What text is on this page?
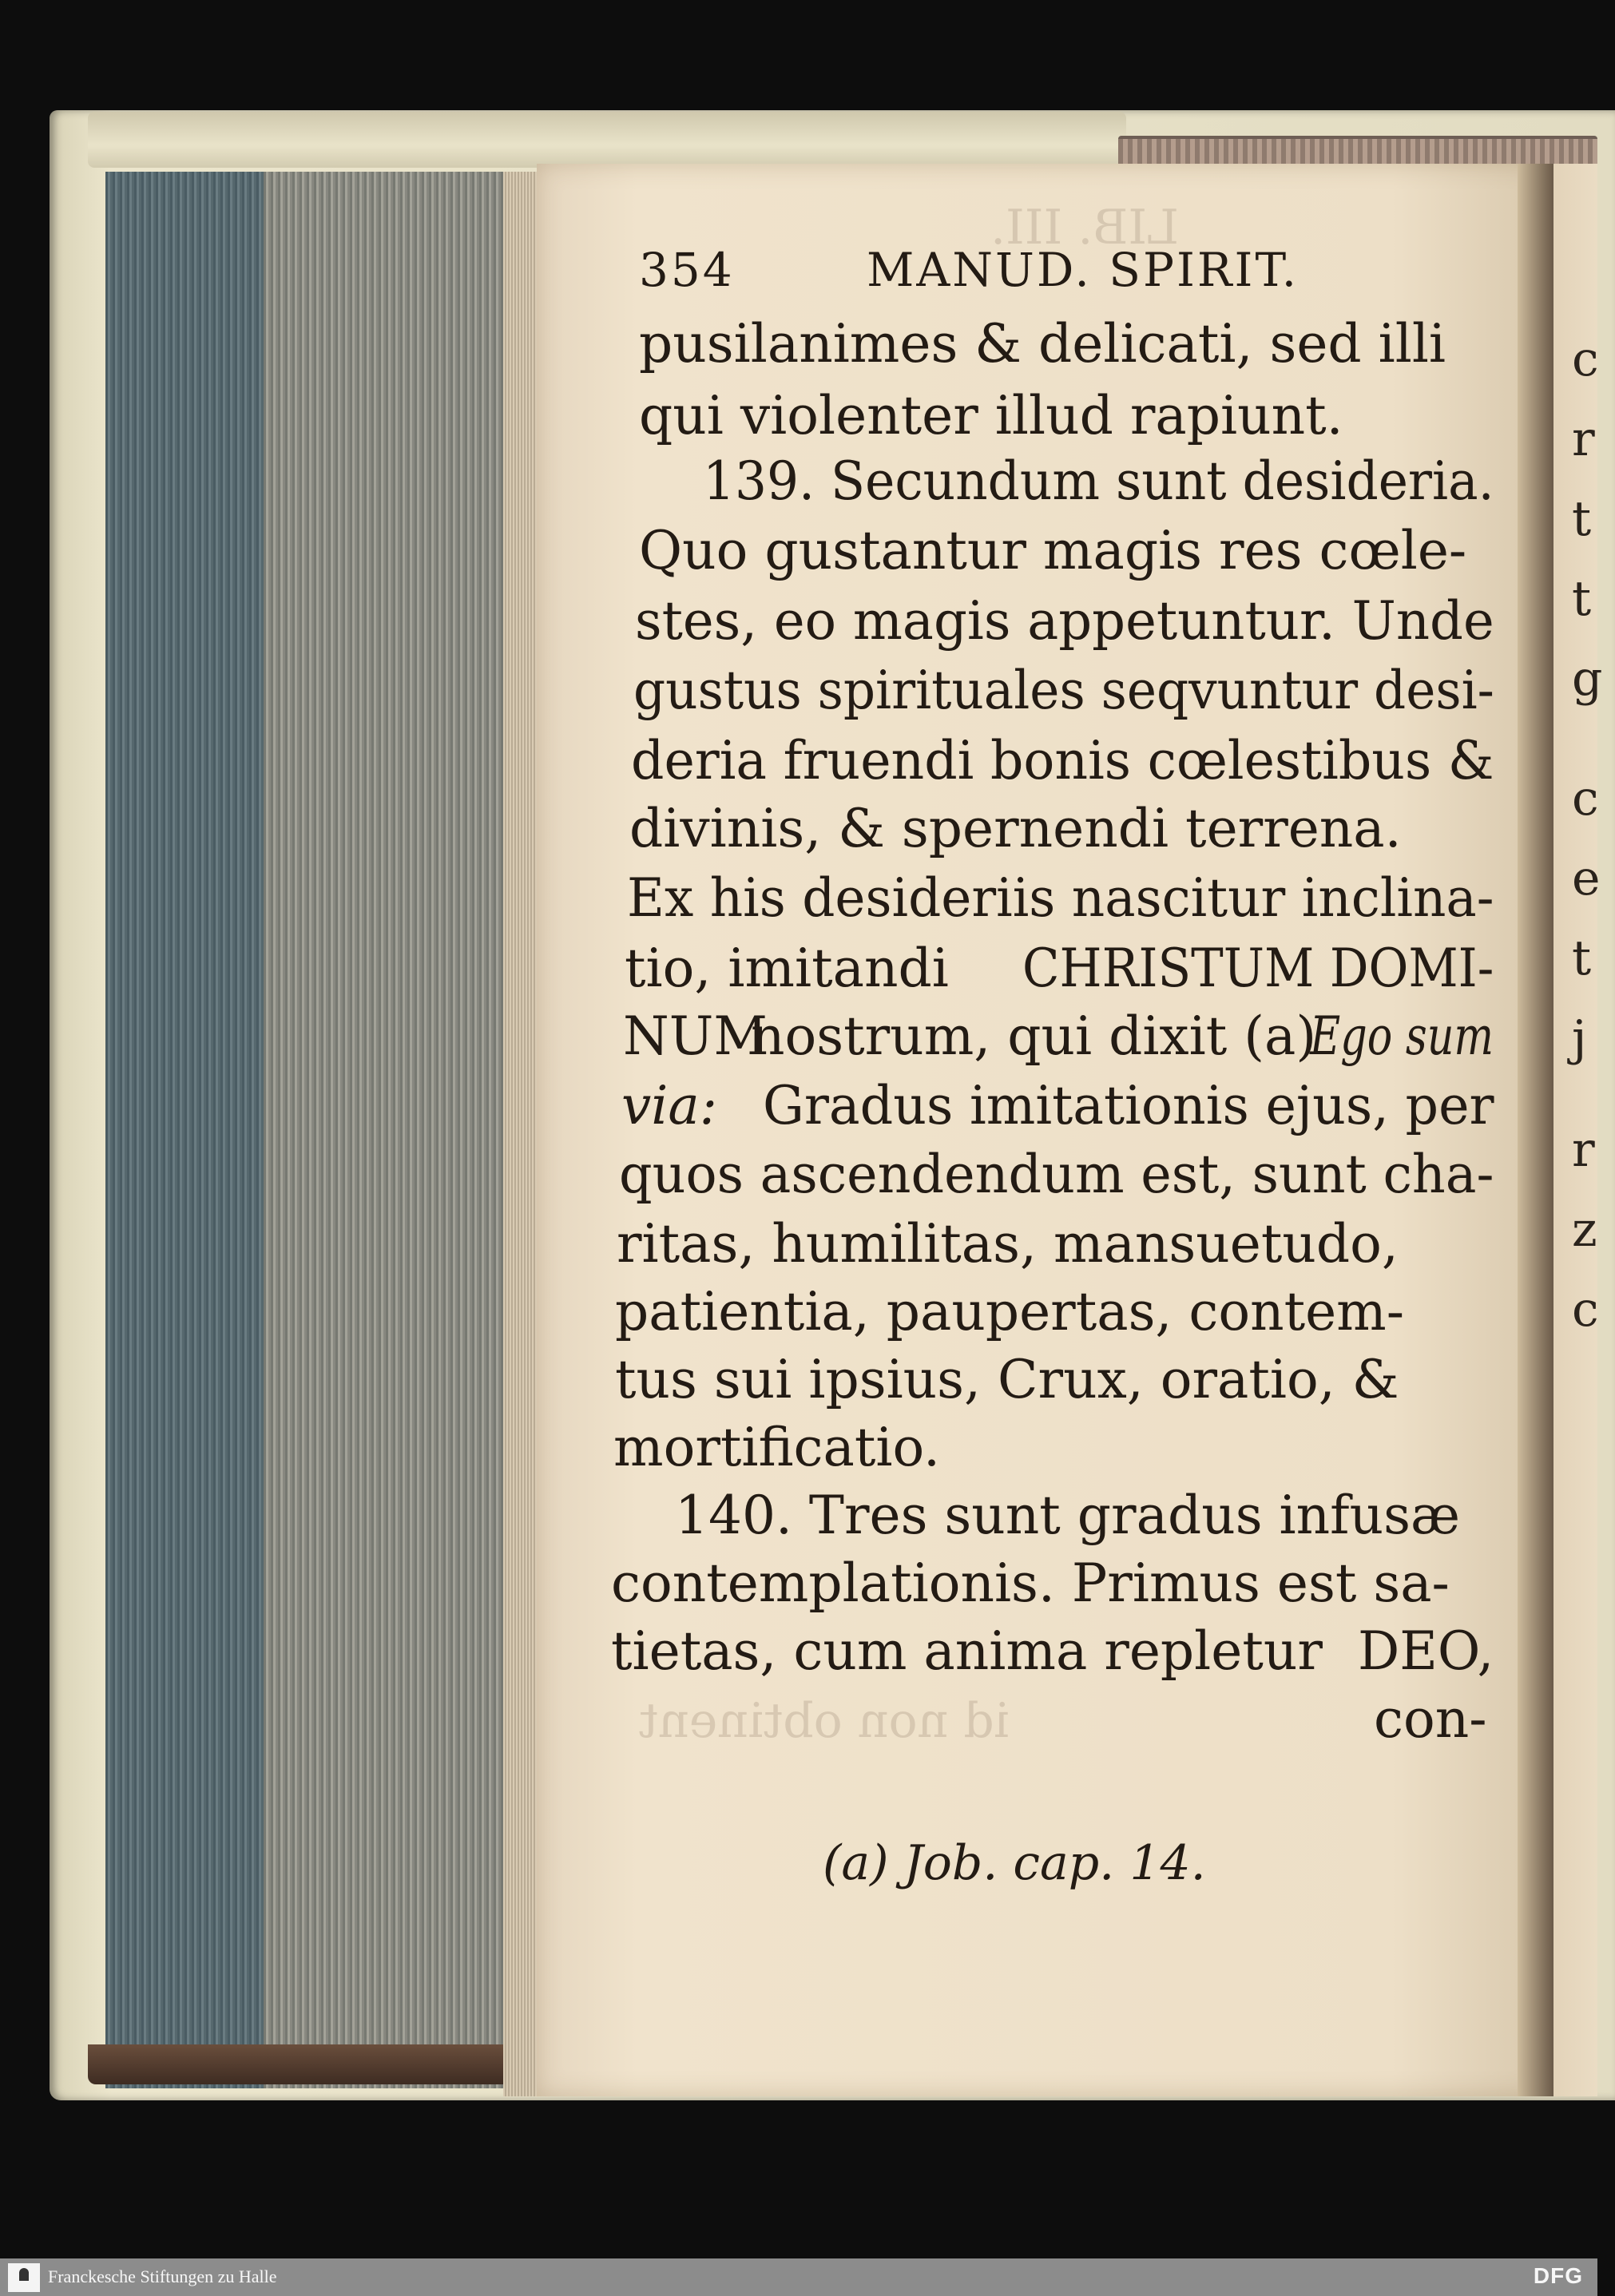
c
r
t
t
g
c
e
t
j
r
z
c
LIB. III.
id non obtinent
354	MANUD. SPIRIT.
pusilanimes & delicati, sed illi
qui violenter illud rapiunt.
139. Secundum sunt desideria.
Quo gustantur magis res cœle-
stes, eo magis appetuntur. Unde
gustus spirituales seqvuntur desi-
deria fruendi bonis cœlestibus &
divinis, & spernendi terrena.
Ex his desideriis nascitur inclina-
tio, imitandi CHRISTUM DOMI-
NUM
nostrum, qui dixit (a)
Ego sum
via: Gradus imitationis ejus, per
quos ascendendum est, sunt cha-
ritas, humilitas, mansuetudo,
patientia, paupertas, contem-
tus sui ipsius, Crux, oratio, &
mortificatio.
140. Tres sunt gradus infusæ
contemplationis. Primus est sa-
tietas, cum anima repletur DEO,
con-
(a) Job. cap. 14.
Franckesche Stiftungen zu Halle	DFG
